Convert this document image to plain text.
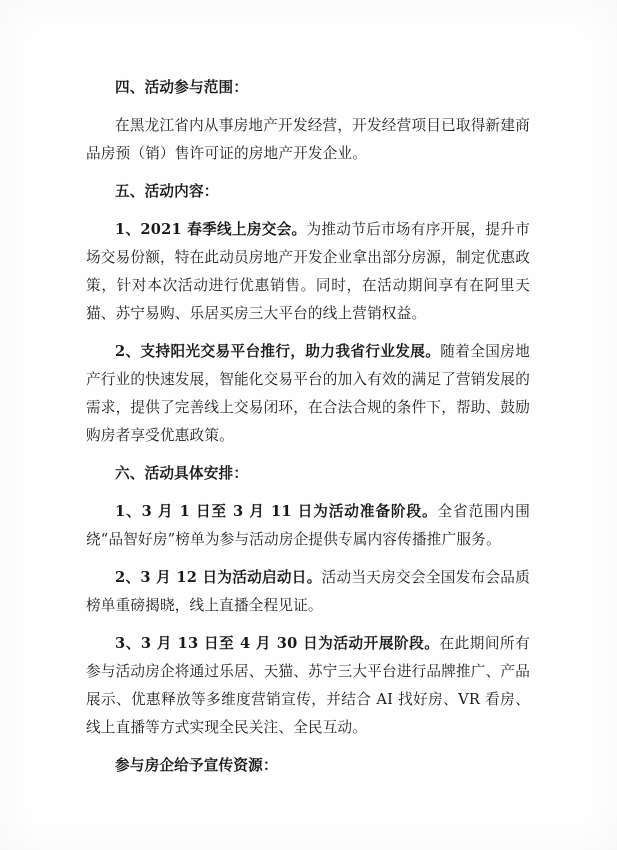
四、活动参与范围：

在黑龙江省内从事房地产开发经营，开发经营项目已取得新建商品房预（销）售许可证的房地产开发企业。

五、活动内容：

1、2021 春季线上房交会。为推动节后市场有序开展，提升市场交易份额，特在此动员房地产开发企业拿出部分房源，制定优惠政策，针对本次活动进行优惠销售。同时，在活动期间享有在阿里天猫、苏宁易购、乐居买房三大平台的线上营销权益。

2、支持阳光交易平台推行，助力我省行业发展。随着全国房地产行业的快速发展，智能化交易平台的加入有效的满足了营销发展的需求，提供了完善线上交易闭环，在合法合规的条件下，帮助、鼓励购房者享受优惠政策。

六、活动具体安排：

1、3 月 1 日至 3 月 11 日为活动准备阶段。全省范围内围绕“品智好房”榜单为参与活动房企提供专属内容传播推广服务。

2、3 月 12 日为活动启动日。活动当天房交会全国发布会品质榜单重磅揭晓，线上直播全程见证。

3、3 月 13 日至 4 月 30 日为活动开展阶段。在此期间所有参与活动房企将通过乐居、天猫、苏宁三大平台进行品牌推广、产品展示、优惠释放等多维度营销宣传，并结合 AI 找好房、VR 看房、线上直播等方式实现全民关注、全民互动。

参与房企给予宣传资源：
